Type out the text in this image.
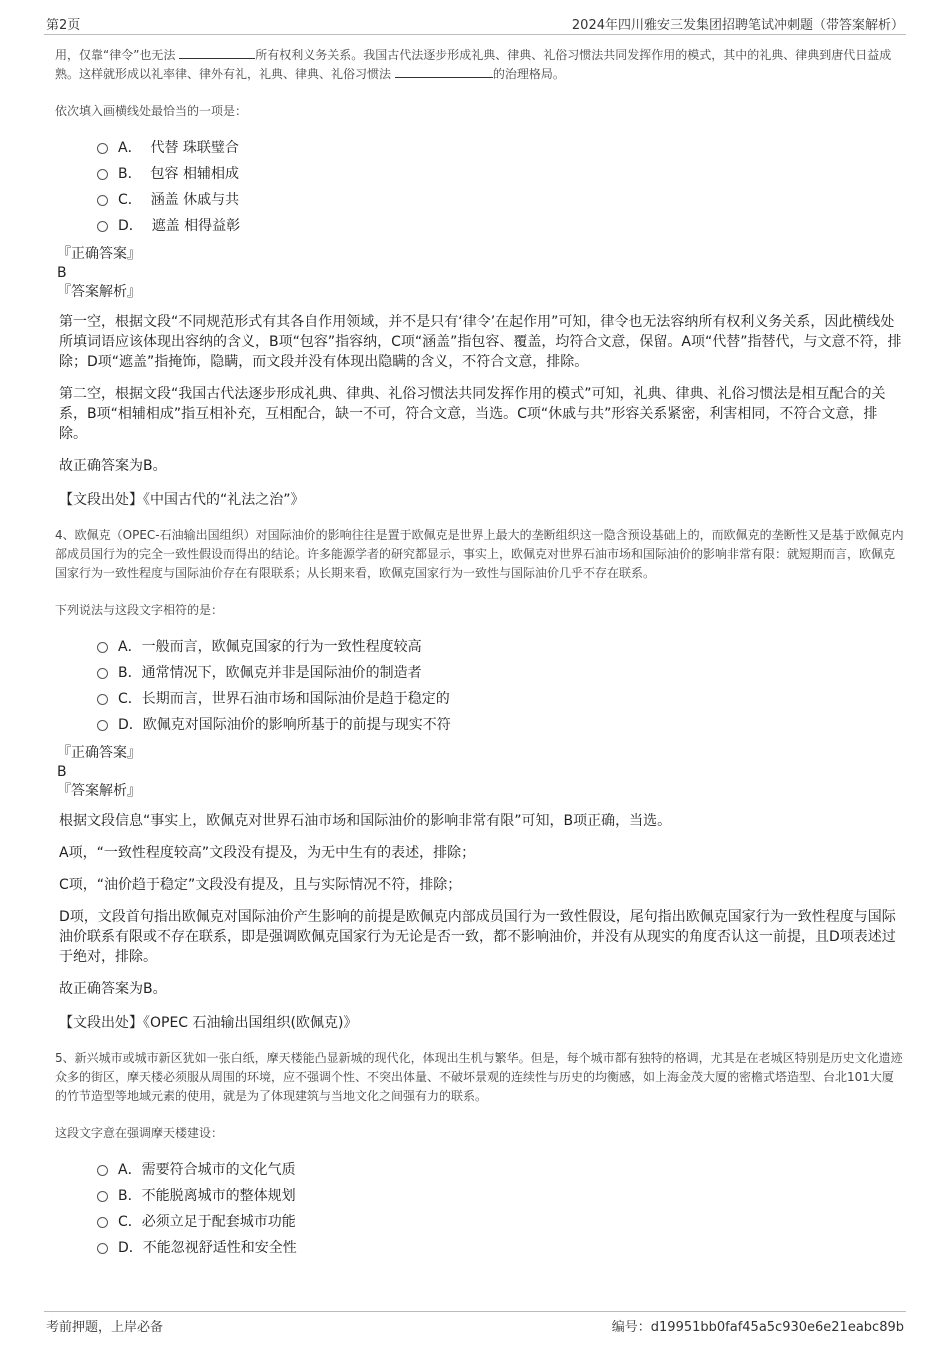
第2页	2024年四川雅安三发集团招聘笔试冲刺题（带答案解析）

用，仅靠“律令”也无法	所有权利义务关系。我国古代法逐步形成礼典、律典、礼俗习惯法共同发挥作用的模式，其中的礼典、律典到唐代日益成熟。这样就形成以礼率律、律外有礼，礼典、律典、礼俗习惯法	的治理格局。

依次填入画横线处最恰当的一项是：

A．
代替 珠联璧合
B．
包容 相辅相成
C．
涵盖 休戚与共
D．
遮盖 相得益彰
『正确答案』
B
『答案解析』

第一空，根据文段“不同规范形式有其各自作用领域，并不是只有‘律令’在起作用”可知，律令也无法容纳所有权利义务关系，因此横线处所填词语应该体现出容纳的含义，B项“包容”指容纳，C项“涵盖”指包容、覆盖，均符合文意，保留。A项“代替”指替代，与文意不符，排除；D项“遮盖”指掩饰，隐瞒，而文段并没有体现出隐瞒的含义，不符合文意，排除。

第二空，根据文段“我国古代法逐步形成礼典、律典、礼俗习惯法共同发挥作用的模式”可知，礼典、律典、礼俗习惯法是相互配合的关系，B项“相辅相成”指互相补充，互相配合，缺一不可，符合文意，当选。C项“休戚与共”形容关系紧密，利害相同，不符合文意，排除。

故正确答案为B。

【文段出处】《中国古代的“礼法之治”》

4、欧佩克（OPEC-石油输出国组织）对国际油价的影响往往是置于欧佩克是世界上最大的垄断组织这一隐含预设基础上的，而欧佩克的垄断性又是基于欧佩克内部成员国行为的完全一致性假设而得出的结论。许多能源学者的研究都显示，事实上，欧佩克对世界石油市场和国际油价的影响非常有限：就短期而言，欧佩克国家行为一致性程度与国际油价存在有限联系；从长期来看，欧佩克国家行为一致性与国际油价几乎不存在联系。

下列说法与这段文字相符的是：

A． 一般而言，欧佩克国家的行为一致性程度较高
B． 通常情况下，欧佩克并非是国际油价的制造者
C． 长期而言，世界石油市场和国际油价是趋于稳定的
D． 欧佩克对国际油价的影响所基于的前提与现实不符
『正确答案』
B
『答案解析』

根据文段信息“事实上，欧佩克对世界石油市场和国际油价的影响非常有限”可知，B项正确，当选。

A项，“一致性程度较高”文段没有提及，为无中生有的表述，排除；

C项，“油价趋于稳定”文段没有提及，且与实际情况不符，排除；

D项，文段首句指出欧佩克对国际油价产生影响的前提是欧佩克内部成员国行为一致性假设，尾句指出欧佩克国家行为一致性程度与国际油价联系有限或不存在联系，即是强调欧佩克国家行为无论是否一致，都不影响油价，并没有从现实的角度否认这一前提，且D项表述过于绝对，排除。

故正确答案为B。

【文段出处】《OPEC 石油输出国组织(欧佩克)》

5、新兴城市或城市新区犹如一张白纸，摩天楼能凸显新城的现代化，体现出生机与繁华。但是，每个城市都有独特的格调，尤其是在老城区特别是历史文化遗迹众多的街区，摩天楼必须服从周围的环境，应不强调个性、不突出体量、不破坏景观的连续性与历史的均衡感，如上海金茂大厦的密檐式塔造型、台北101大厦的竹节造型等地域元素的使用，就是为了体现建筑与当地文化之间强有力的联系。

这段文字意在强调摩天楼建设：

A． 需要符合城市的文化气质
B． 不能脱离城市的整体规划
C． 必须立足于配套城市功能
D． 不能忽视舒适性和安全性
考前押题，上岸必备	编号：d19951bb0faf45a5c930e6e21eabc89b
